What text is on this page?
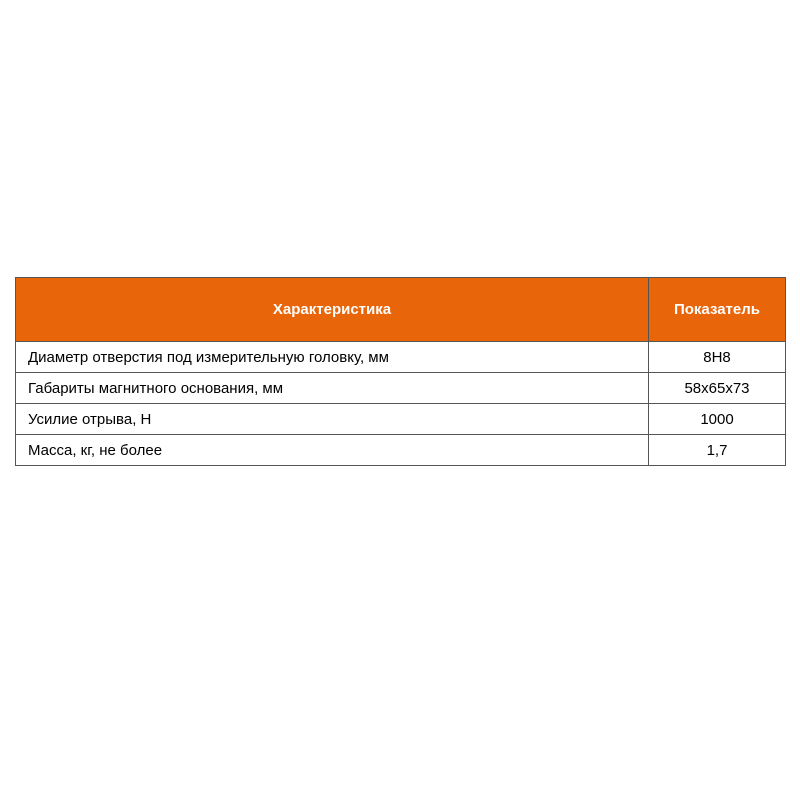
Характеристика	Показатель
Диаметр отверстия под измерительную головку, мм	8H8
Габариты магнитного основания, мм	58x65x73
Усилие отрыва, Н	1000
Масса, кг, не более	1,7
